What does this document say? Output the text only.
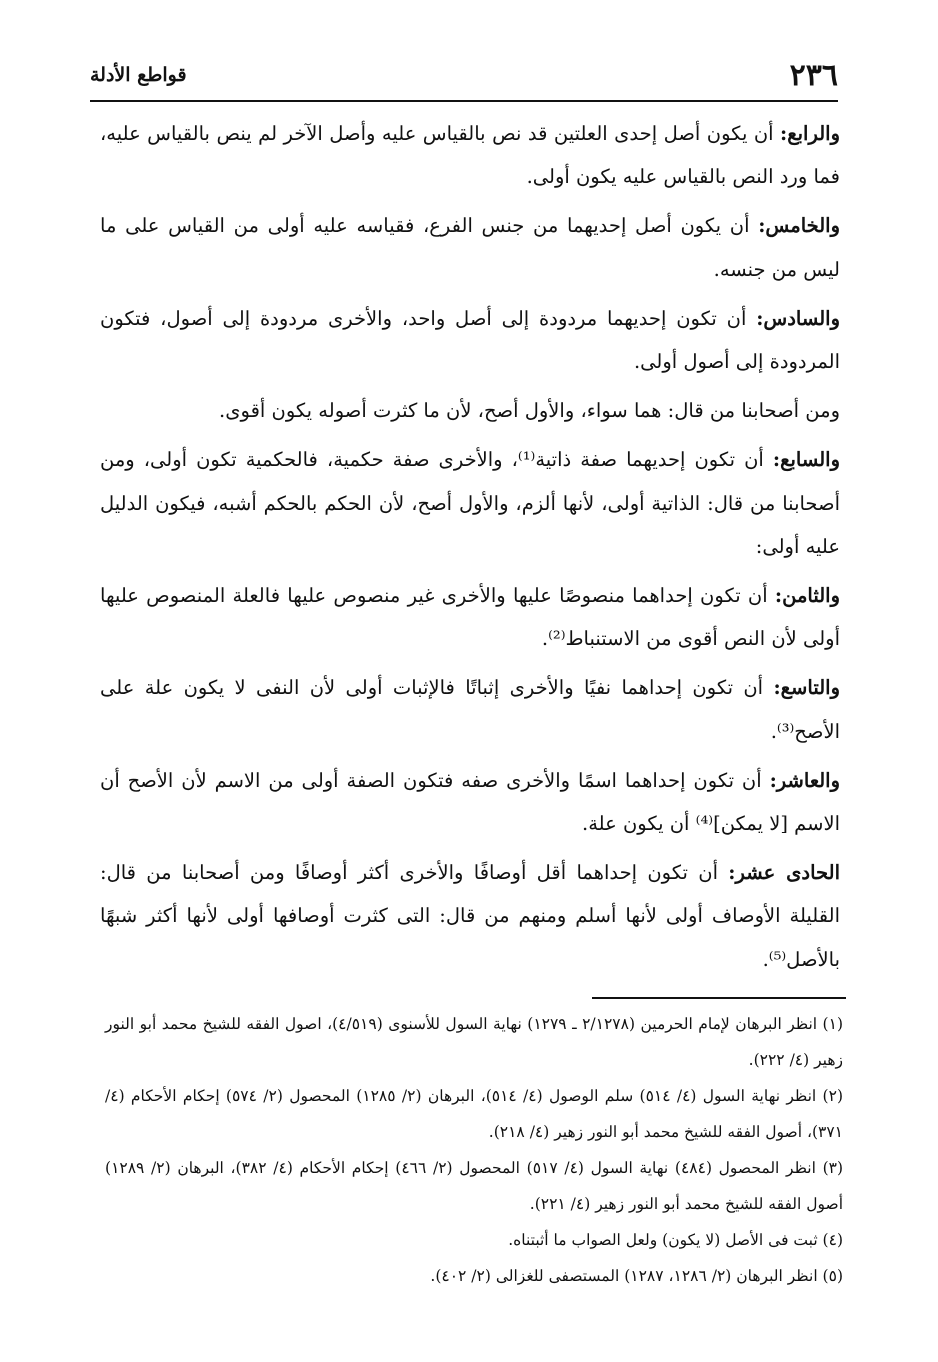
٢٣٦
قواطع الأدلة

والرابع: أن يكون أصل إحدى العلتين قد نص بالقياس عليه وأصل الآخر لم ينص بالقياس عليه، فما ورد النص بالقياس عليه يكون أولى.

والخامس: أن يكون أصل إحديهما من جنس الفرع، فقياسه عليه أولى من القياس على ما ليس من جنسه.

والسادس: أن تكون إحديهما مردودة إلى أصل واحد، والأخرى مردودة إلى أصول، فتكون المردودة إلى أصول أولى.

ومن أصحابنا من قال: هما سواء، والأول أصح، لأن ما كثرت أصوله يكون أقوى.

والسابع: أن تكون إحديهما صفة ذاتية⁽¹⁾، والأخرى صفة حكمية، فالحكمية تكون أولى، ومن أصحابنا من قال: الذاتية أولى، لأنها ألزم، والأول أصح، لأن الحكم بالحكم أشبه، فيكون الدليل عليه أولى:

والثامن: أن تكون إحداهما منصوصًا عليها والأخرى غير منصوص عليها فالعلة المنصوص عليها أولى لأن النص أقوى من الاستنباط⁽²⁾.

والتاسع: أن تكون إحداهما نفيًا والأخرى إثباتًا فالإثبات أولى لأن النفى لا يكون علة على الأصح⁽³⁾.

والعاشر: أن تكون إحداهما اسمًا والأخرى صفه فتكون الصفة أولى من الاسم لأن الأصح أن الاسم [لا يمكن]⁽⁴⁾ أن يكون علة.

الحادى عشر: أن تكون إحداهما أقل أوصافًا والأخرى أكثر أوصافًا ومن أصحابنا من قال: القليلة الأوصاف أولى لأنها أسلم ومنهم من قال: التى كثرت أوصافها أولى لأنها أكثر شبهًا بالأصل⁽⁵⁾.

(١) انظر البرهان لإمام الحرمين (٢/١٢٧٨ ـ ١٢٧٩) نهاية السول للأسنوى (٤/٥١٩)، اصول الفقه للشيخ محمد أبو النور زهير (٤/ ٢٢٢).

(٢) انظر نهاية السول (٤/ ٥١٤) سلم الوصول (٤/ ٥١٤)، البرهان (٢/ ١٢٨٥) المحصول (٢/ ٥٧٤) إحكام الأحكام (٤/ ٣٧١)، أصول الفقه للشيخ محمد أبو النور زهير (٤/ ٢١٨).

(٣) انظر المحصول (٤٨٤) نهاية السول (٤/ ٥١٧) المحصول (٢/ ٤٦٦) إحكام الأحكام (٤/ ٣٨٢)، البرهان (٢/ ١٢٨٩) أصول الفقه للشيخ محمد أبو النور زهير (٤/ ٢٢١).

(٤) ثبت فى الأصل (لا يكون) ولعل الصواب ما أثبتناه.

(٥) انظر البرهان (٢/ ١٢٨٦، ١٢٨٧) المستصفى للغزالى (٢/ ٤٠٢).
